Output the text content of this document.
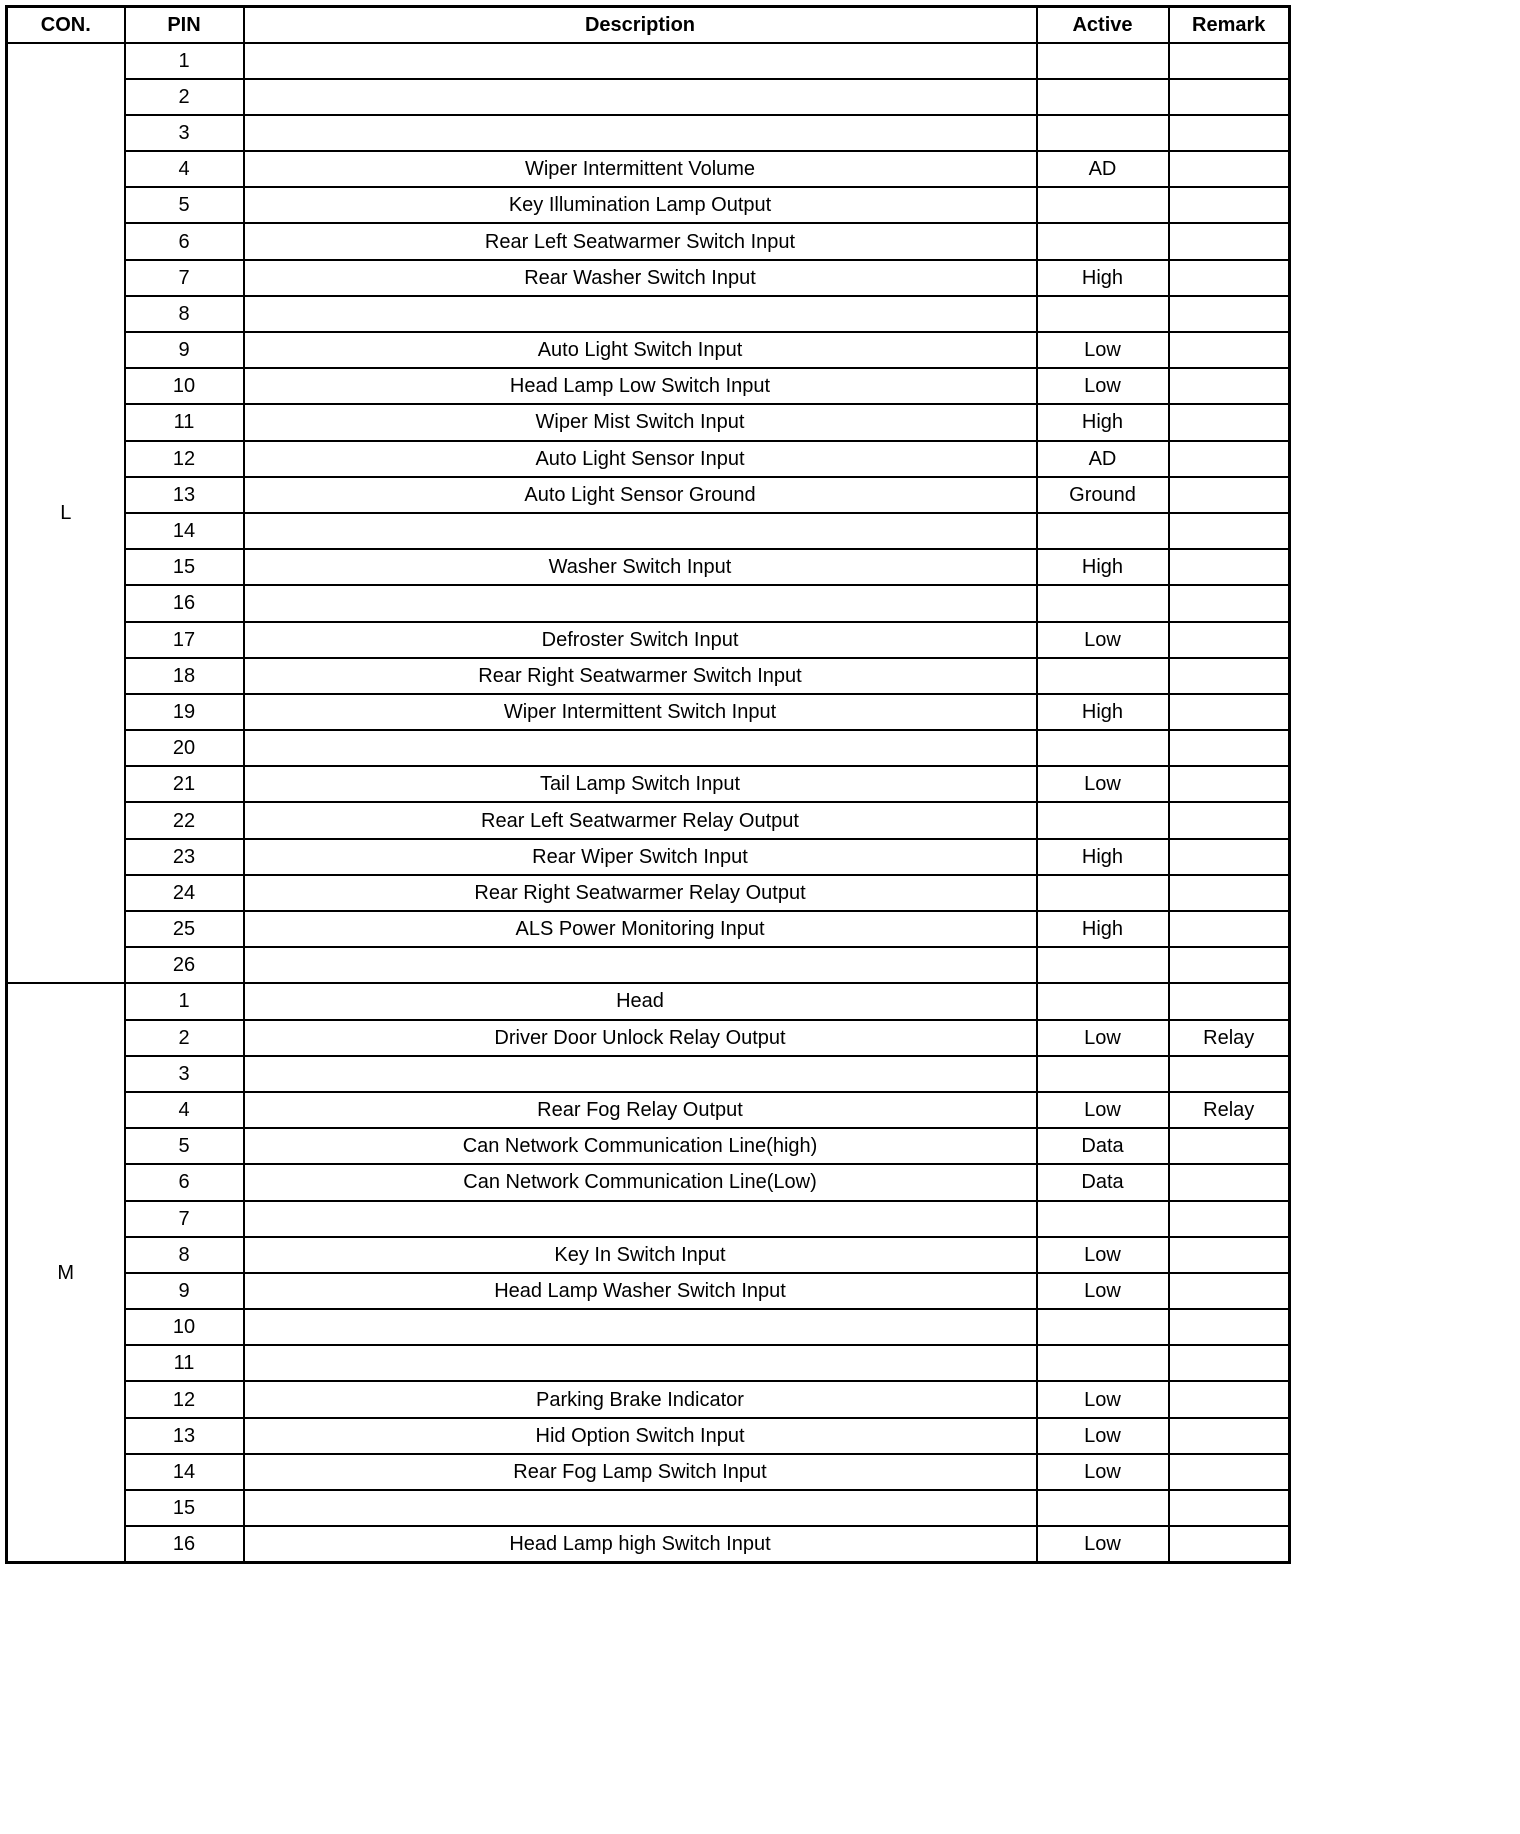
CON.	PIN	Description	Active	Remark
L	1			
	2			
	3			
	4	Wiper Intermittent Volume	AD	
	5	Key Illumination Lamp Output		
	6	Rear Left Seatwarmer Switch Input		
	7	Rear Washer Switch Input	High	
	8			
	9	Auto Light Switch Input	Low	
	10	Head Lamp Low Switch Input	Low	
	11	Wiper Mist Switch Input	High	
	12	Auto Light Sensor Input	AD	
	13	Auto Light Sensor Ground	Ground	
	14			
	15	Washer Switch Input	High	
	16			
	17	Defroster Switch Input	Low	
	18	Rear Right Seatwarmer Switch Input		
	19	Wiper Intermittent Switch Input	High	
	20			
	21	Tail Lamp Switch Input	Low	
	22	Rear Left Seatwarmer Relay Output		
	23	Rear Wiper Switch Input	High	
	24	Rear Right Seatwarmer Relay Output		
	25	ALS Power Monitoring Input	High	
	26			
M	1	Head		
	2	Driver Door Unlock Relay Output	Low	Relay
	3			
	4	Rear Fog Relay Output	Low	Relay
	5	Can Network Communication Line(high)	Data	
	6	Can Network Communication Line(Low)	Data	
	7			
	8	Key In Switch Input	Low	
	9	Head Lamp Washer Switch Input	Low	
	10			
	11			
	12	Parking Brake Indicator	Low	
	13	Hid Option Switch Input	Low	
	14	Rear Fog Lamp Switch Input	Low	
	15			
	16	Head Lamp high Switch Input	Low	
